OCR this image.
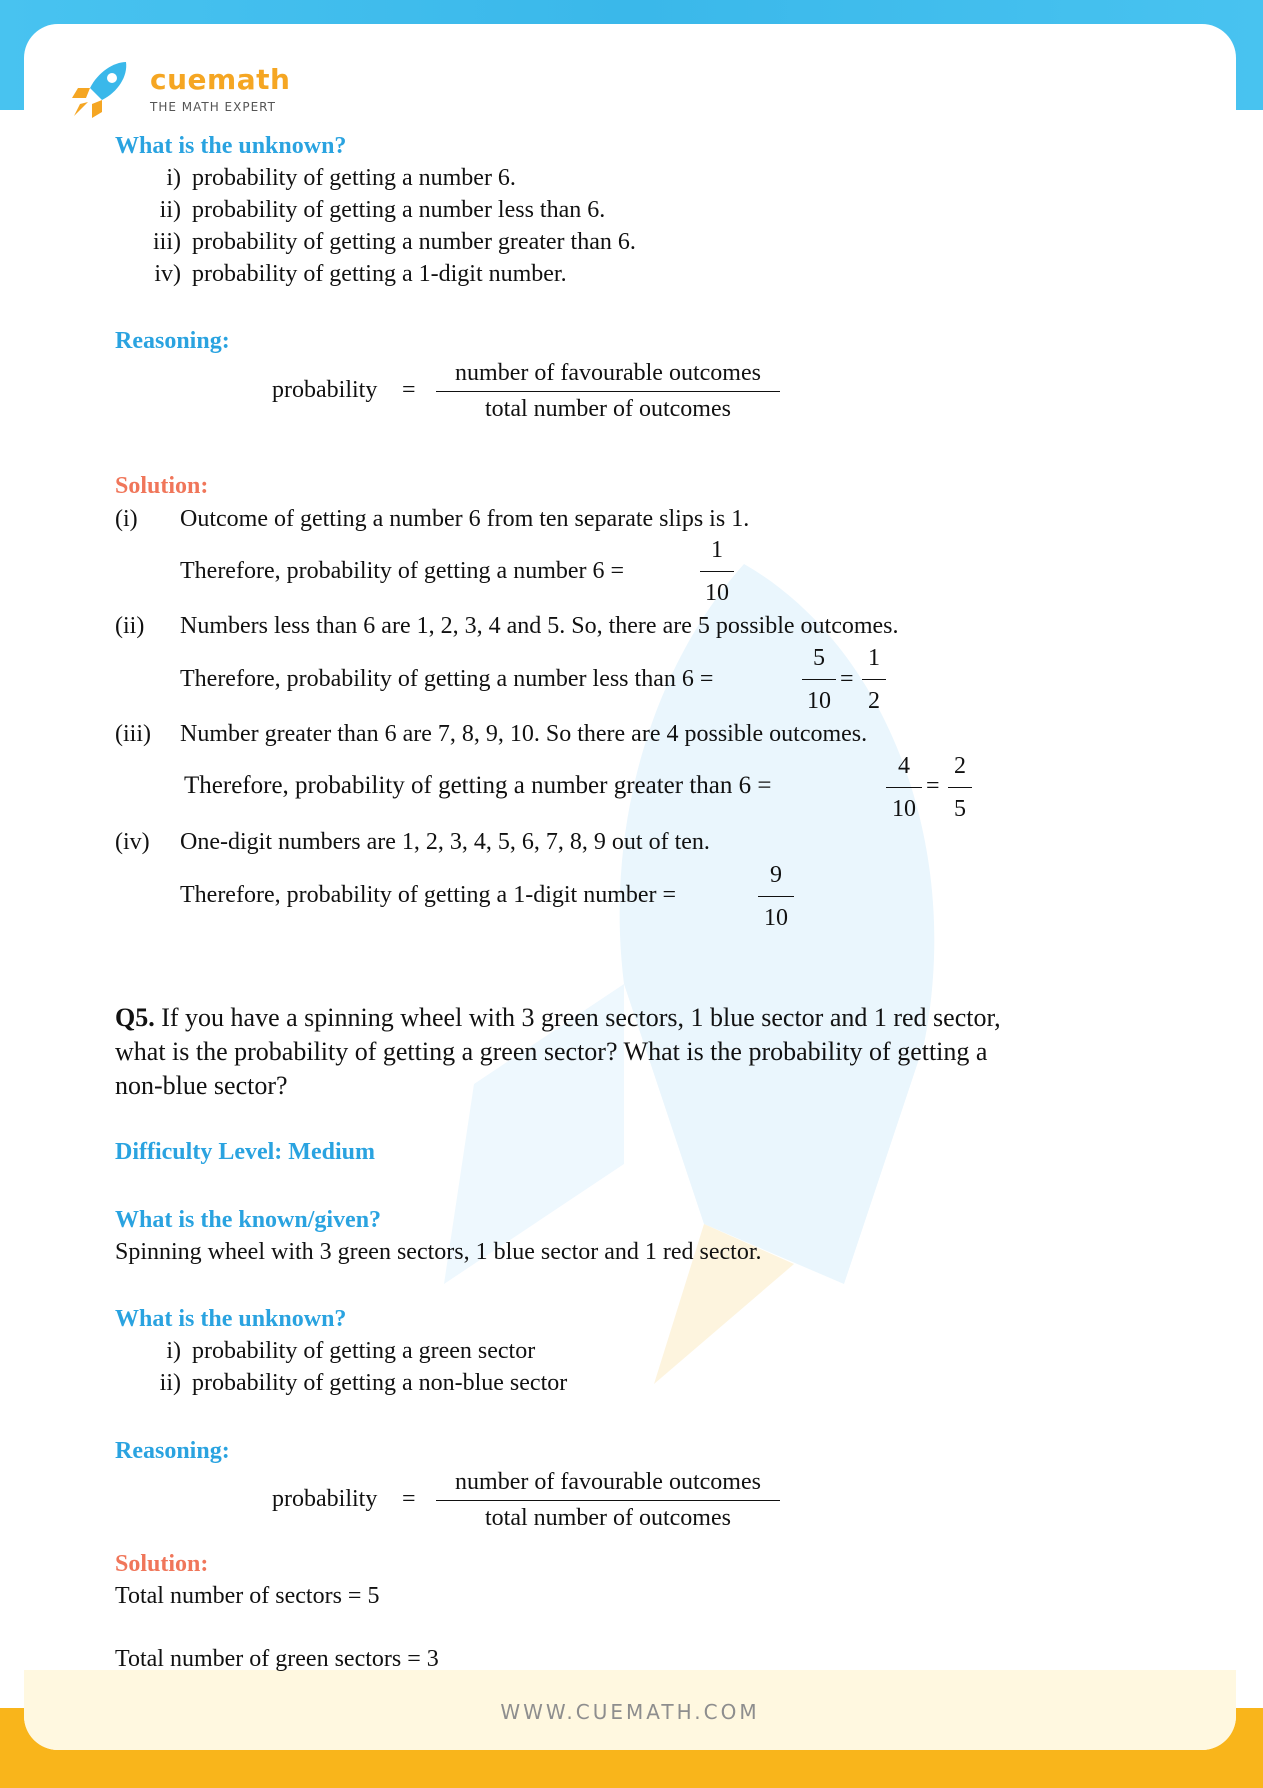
WWW.CUEMATH.COM
cuemath
THE MATH EXPERT

What is the unknown?

i) probability of getting a number 6.

ii) probability of getting a number less than 6.

iii) probability of getting a number greater than 6.

iv) probability of getting a 1-digit number.

Reasoning:

probability =

number of favourable outcomes
total number of outcomes

Solution:

(i) Outcome of getting a number 6 from ten separate slips is 1.

Therefore, probability of getting a number 6 =	$\frac{1}{10}$

(ii) Numbers less than 6 are 1, 2, 3, 4 and 5. So, there are 5 possible outcomes.

Therefore, probability of getting a number less than 6 =	$\frac{5}{10} = \frac{1}{2}$

(iii) Number greater than 6 are 7, 8, 9, 10. So there are 4 possible outcomes.

Therefore, probability of getting a number greater than 6 =	$\frac{4}{10} = \frac{2}{5}$

(iv) One-digit numbers are 1, 2, 3, 4, 5, 6, 7, 8, 9 out of ten.

Therefore, probability of getting a 1-digit number =	$\frac{9}{10}$

Q5. If you have a spinning wheel with 3 green sectors, 1 blue sector and 1 red sector,

what is the probability of getting a green sector? What is the probability of getting a

non-blue sector?

Difficulty Level: Medium

What is the known/given?

Spinning wheel with 3 green sectors, 1 blue sector and 1 red sector.

What is the unknown?

i) probability of getting a green sector

ii) probability of getting a non-blue sector

Reasoning:

probability =

number of favourable outcomes
total number of outcomes

Solution:

Total number of sectors = 5

Total number of green sectors = 3
